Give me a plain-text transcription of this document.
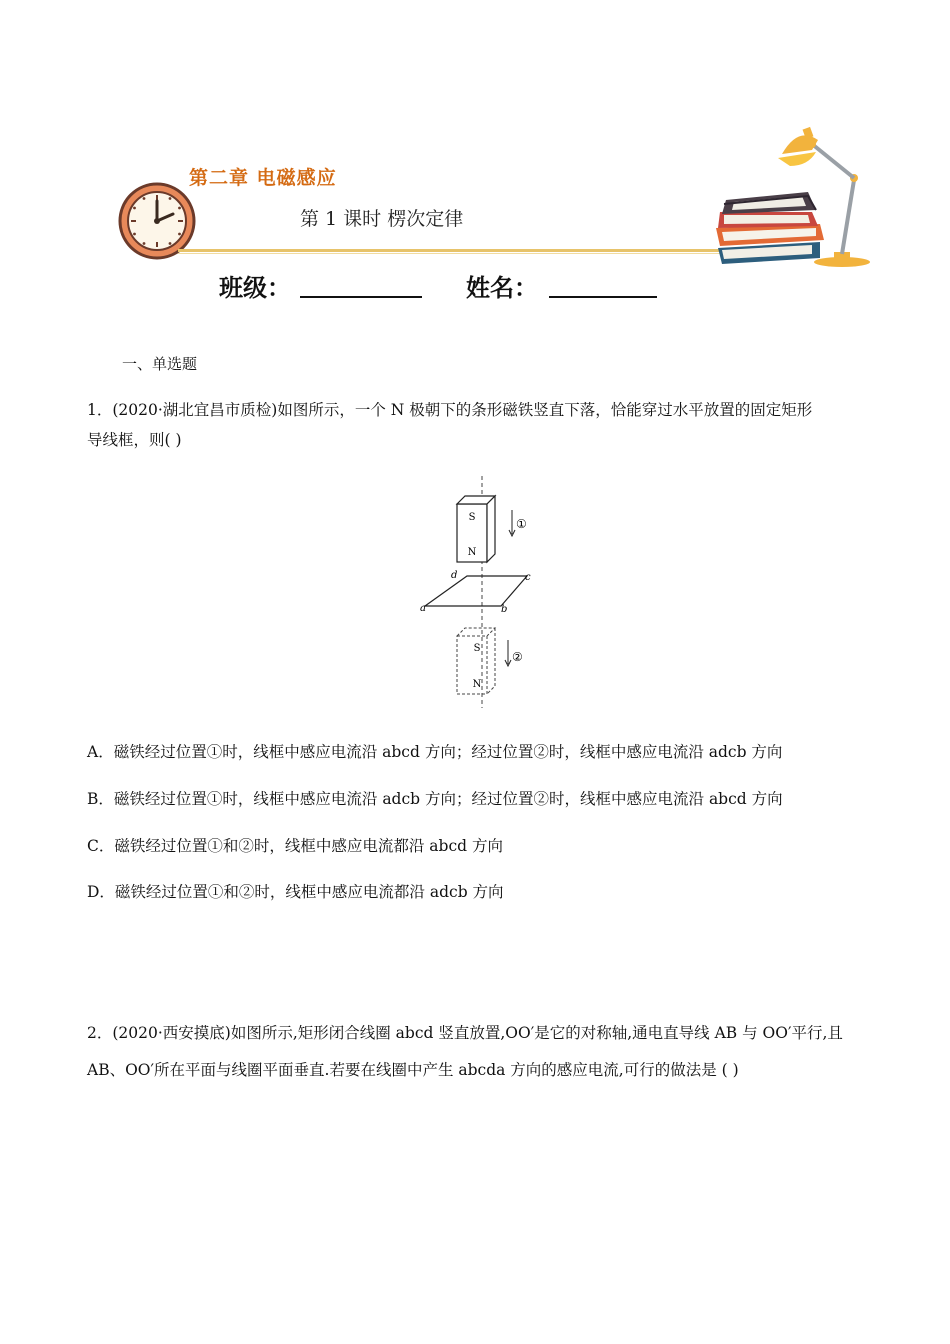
第二章 电磁感应
第 1 课时 楞次定律
班级：	姓名：
一、单选题
1．(2020·湖北宜昌市质检)如图所示，一个 N 极朝下的条形磁铁竖直下落，恰能穿过水平放置的固定矩形
导线框，则( )
S
N
①
d	c
a	b
S
N
②
A．磁铁经过位置①时，线框中感应电流沿 abcd 方向；经过位置②时，线框中感应电流沿 adcb 方向
B．磁铁经过位置①时，线框中感应电流沿 adcb 方向；经过位置②时，线框中感应电流沿 abcd 方向
C．磁铁经过位置①和②时，线框中感应电流都沿 abcd 方向
D．磁铁经过位置①和②时，线框中感应电流都沿 adcb 方向
2．(2020·西安摸底)如图所示,矩形闭合线圈 abcd 竖直放置,OO′是它的对称轴,通电直导线 AB 与 OO′平行,且
AB、OO′所在平面与线圈平面垂直.若要在线圈中产生 abcda 方向的感应电流,可行的做法是 ( )
